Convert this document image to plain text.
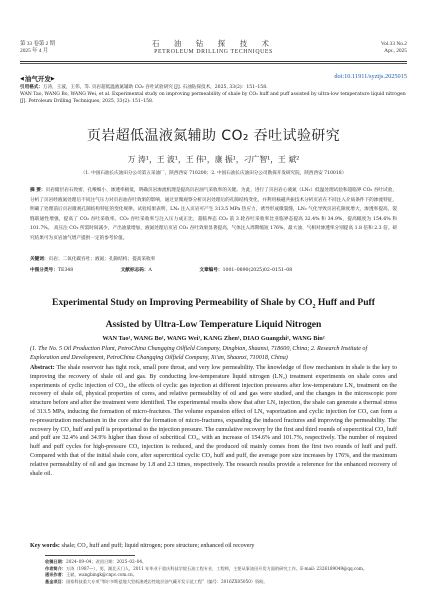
第 33 卷第 2 期
2025 年 4 月
石 油 钻 探 技 术
PETROLEUM DRILLING TECHNIQUES
Vol.33 No.2
Apr., 2025
◀油气开发▶	doi:10.11911/syztjs.2025015
引用格式：万涛，王波，王伟，等. 页岩超低温液氮辅助 CO₂ 吞吐试验研究 [J]. 石油钻探技术，2025, 33(2)：151–158.
WAN Tao, WANG Bo, WANG Wei, et al. Experimental study on improving permeability of shale by CO₂ huff and puff assisted by ultra-low temperature liquid nitrogen [J]. Petroleum Drilling Techniques, 2025, 33(2): 151–158.
页岩超低温液氮辅助 CO₂ 吞吐试验研究
万 涛¹，王 波¹，王 伟¹，康 振¹，刁广智¹，王 斌²
（1. 中国石油长庆油田分公司第五采油厂，陕西西安 710200；2. 中国石油长庆油田分公司勘探开发研究院，陕西西安 710018）
摘 要：页岩储层岩石致密、孔喉细小、渗透率极低，明确页岩渗流机理是提高页岩油气采收率的关键。为此，进行了页岩岩心液氮（LN₂）低温处理试验和超临界 CO₂ 吞吐试验，分析了页岩经液氮处理后不同注气压力对页岩油吞吐效果的影响，通过显微观察分析页岩处理后的孔隙结构变化，并利用核磁共振技术分析页岩在不同注入介质条件下的渗流特征，明确了处理前后页岩微观孔隙结构特征的变化规律。试验结果表明，LN₂ 注入页岩可产生 313.5 MPa 热应力，诱导形成微裂缝，LN₂ 气化导致页岩孔隙度增大，渗透率提高，裂缝联通性增强，提高了 CO₂ 吞吐采收率。CO₂ 吞吐采收率与注入压力成正比，超临界态 CO₂ 前 3 轮吞吐采收率比亚临界态提高 32.4% 和 34.9%，提高幅度为 154.6% 和 101.7%。 高压注 CO₂ 所需时间减少，产出油量增加，液氮处理后页岩 CO₂ 吞吐效果显著提高，气体注入周期缩短 176%，最大油、气相对渗透率分别提高 1.8 倍和 2.3 倍。研究结果可为页岩油气增产提供一定的参考价值。
关键词：页岩；二氧化碳吞吐；液氮；孔隙结构；提高采收率
中图分类号：TE348	文献标志码：A	文章编号：1001–0890(2025)02–0151–08
Experimental Study on Improving Permeability of Shale by $CO_2$ Huff and Puff
Assisted by Ultra-Low Temperature Liquid Nitrogen
WAN Tao¹, WANG Bo¹, WANG Wei¹, KANG Zhen¹, DIAO Guangzhi¹, WANG Bin²
(1. The No. 5 Oil Production Plant, PetroChina Changqing Oilfield Company, Dingbian, Shaanxi, 718600, China; 2. Research Institute of Exploration and Development, PetroChina Changqing Oilfield Company, Xi'an, Shaanxi, 710018, China)
Abstract: The shale reservoir has tight rock, small pore throat, and very low permeability. The knowledge of flow mechanism in shale is the key to improving the recovery of shale oil and gas. By conducting low-temperature liquid nitrogen (LN₂) treatment experiments on shale cores and experiments of cyclic injection of CO₂, the effects of cyclic gas injection at different injection pressures after low-temperature LN₂ treatment on the recovery of shale oil, physical properties of cores, and relative permeability of oil and gas were studied, and the changes in the microscopic pore structure before and after the treatment were identified. The experimental results show that after LN₂ injection, the shale can generate a thermal stress of 313.5 MPa, inducing the formation of micro-fractures. The volume expansion effect of LN₂ vaporization and cyclic injection for CO₂ can form a re-pressurization mechanism in the core after the formation of micro-fractures, expanding the induced fractures and improving the permeability. The recovery by CO₂ huff and puff is proportional to the injection pressure. The cumulative recovery by the first and third rounds of supercritical CO₂ huff and puff are 32.4% and 34.9% higher than those of subcritical CO₂, with an increase of 154.6% and 101.7%, respectively. The number of required huff and puff cycles for high-pressure CO₂ injection is reduced, and the produced oil mainly comes from the first two rounds of huff and puff. Compared with that of the initial shale core, after supercritical cyclic CO₂ huff and puff, the average pore size increases by 176%, and the maximum relative permeability of oil and gas increase by 1.8 and 2.3 times, respectively. The research results provide a reference for the enhanced recovery of shale oil.
Key words: shale; CO₂ huff and puff; liquid nitrogen; pore structure; enhanced oil recovery
收稿日期：2024–09–04；改回日期：2025–02–04。
作者简介：万涛（1987—），男，湖北天门人，2011 年毕业于重庆科技学院石油工程专业，工程师，主要从事油田开发方面的研究工作。E-mail: 2326189049@qq.com。
通讯作者：王斌，wangbingk@cnpc.com.cn。
基金项目：国家科技重大专项“鄂尔多斯盆地大型低渗透岩性地层油气藏开发示范工程”（编号：2016ZX05050）资助。
